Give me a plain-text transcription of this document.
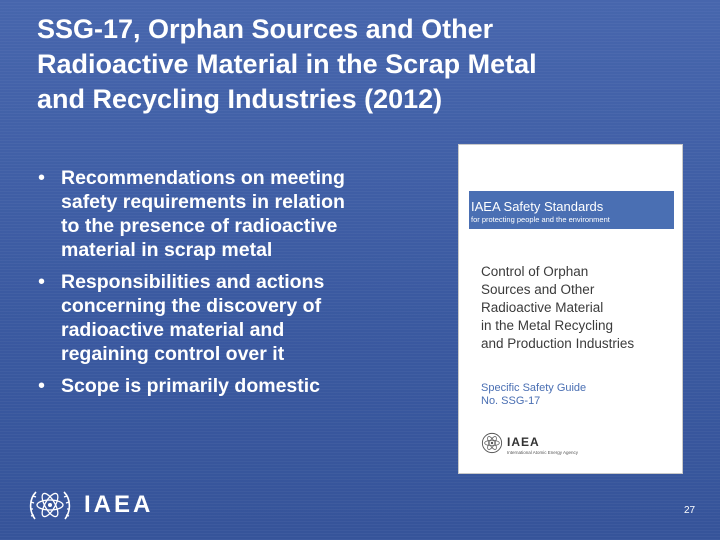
SSG-17, Orphan Sources and Other
Radioactive Material in the Scrap Metal
and Recycling Industries (2012)
• Recommendations on meeting
safety requirements in relation
to the presence of radioactive
material in scrap metal
• Responsibilities and actions
concerning the discovery of
radioactive material and
regaining control over it
• Scope is primarily domestic
IAEA Safety Standards
for protecting people and the environment
Control of Orphan
Sources and Other
Radioactive Material
in the Metal Recycling
and Production Industries
Specific Safety Guide
No. SSG-17
IAEA
International Atomic Energy Agency
IAEA	27
